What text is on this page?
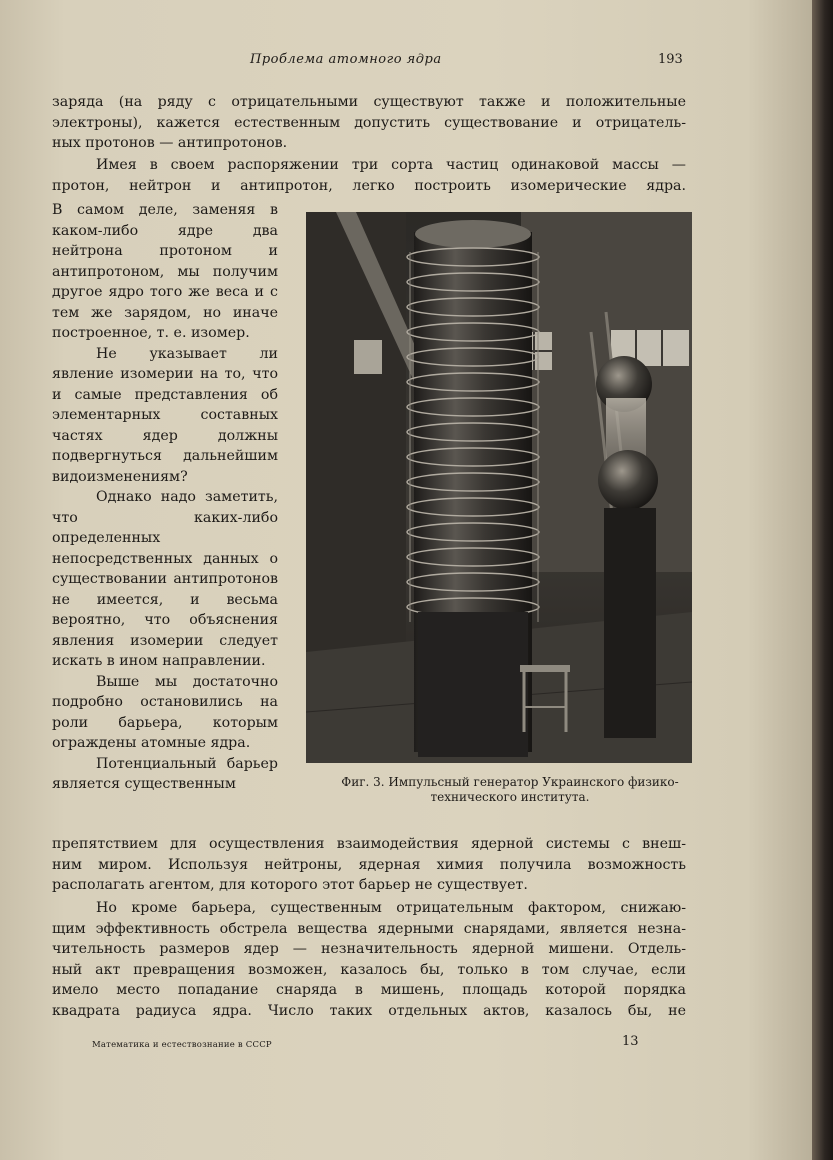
Проблема атомного ядра	193

заряда (на ряду с отрицательными существуют также и положительные

электроны), кажется естественным допустить существование и отрицатель-

ных протонов — антипротонов.

Имея в своем распоряжении три сорта частиц одинаковой массы —

протон, нейтрон и антипротон, легко построить изомерические ядра.

В самом деле, заменяя в каком-либо ядре два нейтрона протоном и антипротоном, мы получим другое ядро того же веса и с тем же зарядом, но иначе построенное, т. е. изомер.

Не указывает ли явление изомерии на то, что и самые представления об элементарных составных частях ядер должны подвергнуться дальнейшим видоизменениям?

Однако надо заметить, что каких-либо определенных непосредственных данных о существовании антипротонов не имеется, и весьма вероятно, что объяснения явления изомерии следует искать в ином направлении.

Выше мы достаточно подробно остановились на роли барьера, которым ограждены атомные ядра.

Потенциальный барьер является существенным	Фиг. 3. Импульсный генератор Украинского физико-
технического института.

препятствием для осуществления взаимодействия ядерной системы с внеш-

ним миром. Используя нейтроны, ядерная химия получила возможность

располагать агентом, для которого этот барьер не существует.

Но кроме барьера, существенным отрицательным фактором, снижаю-

щим эффективность обстрела вещества ядерными снарядами, является незна-

чительность размеров ядер — незначительность ядерной мишени. Отдель-

ный акт превращения возможен, казалось бы, только в том случае, если

имело место попадание снаряда в мишень, площадь которой порядка

квадрата радиуса ядра. Число таких отдельных актов, казалось бы, не

Математика и естествознание в СССР	13
